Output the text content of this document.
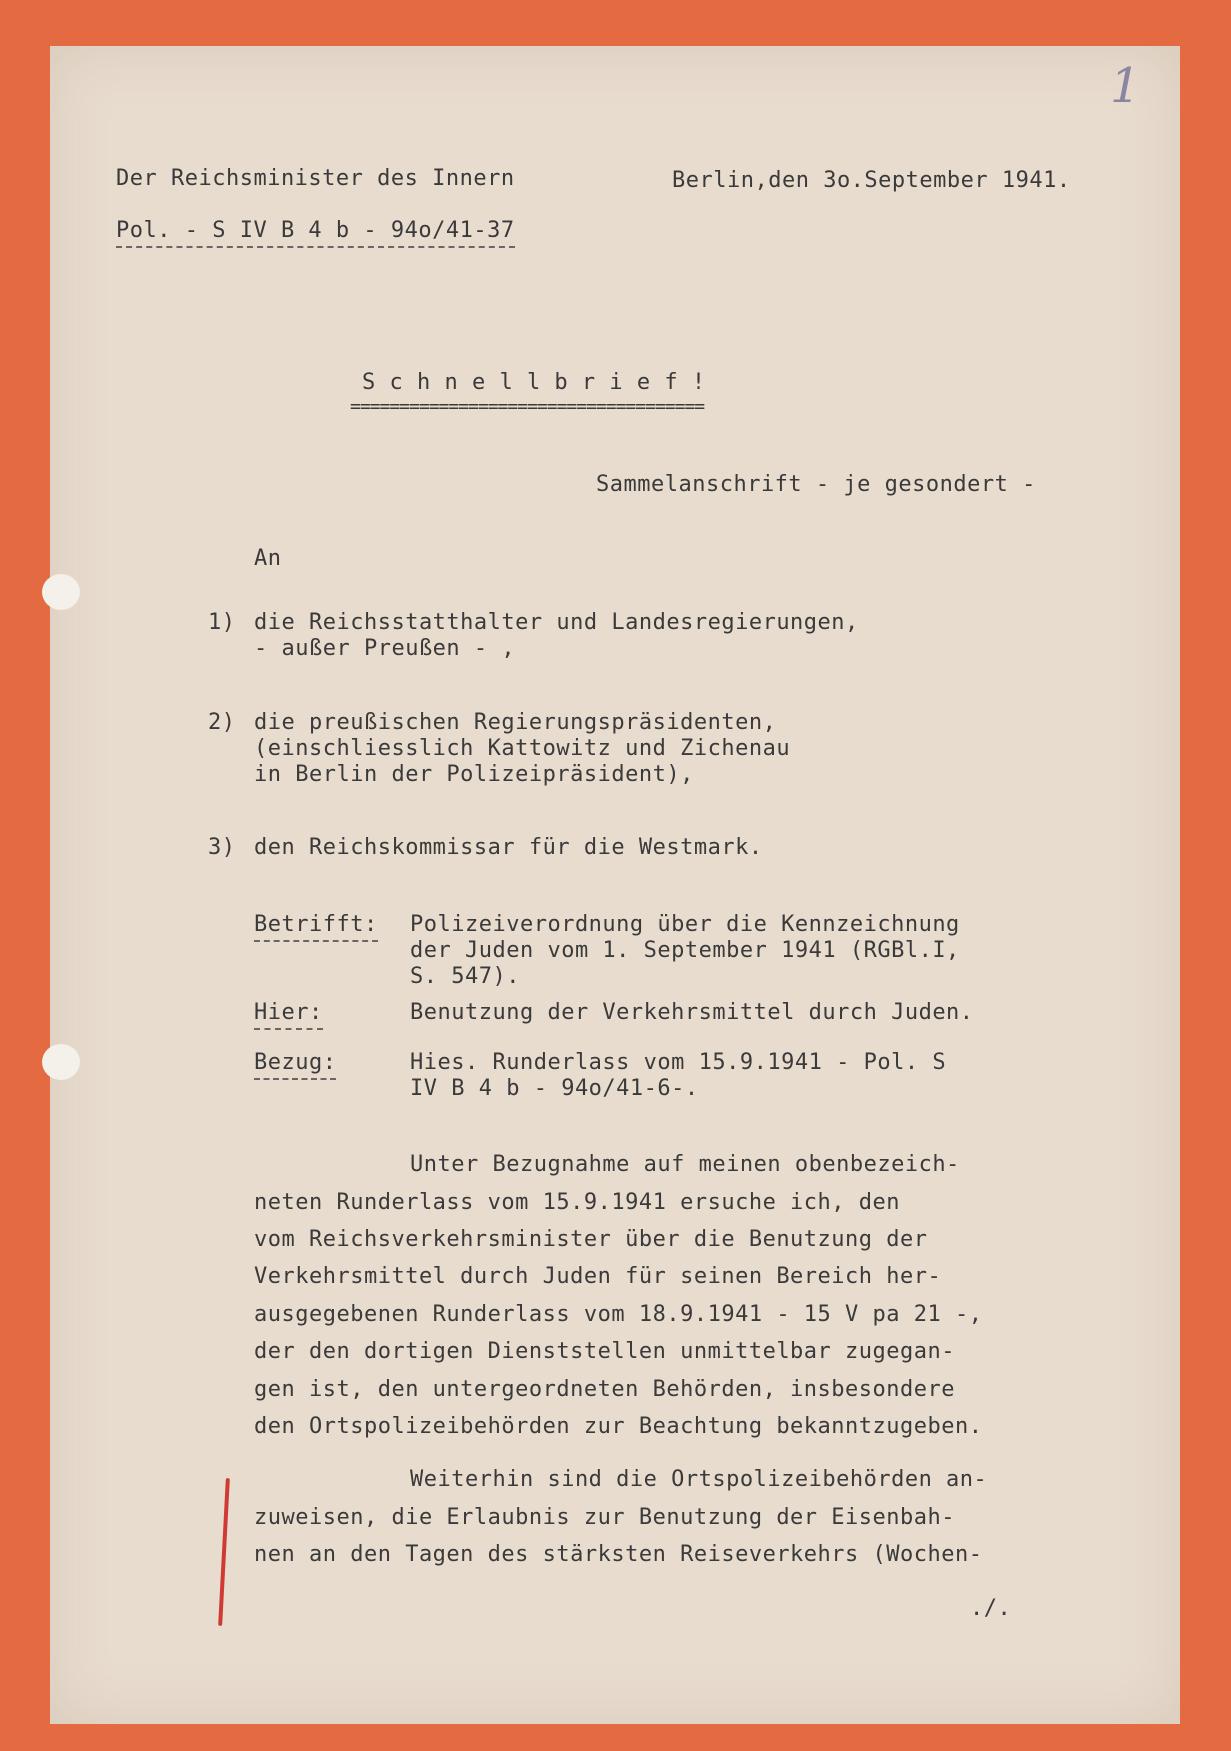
1
Der Reichsminister des Innern	Berlin,den 3o.September 1941.
Pol. - S IV B 4 b - 94o/41-37
S c h n e l l b r i e f !
====================================
Sammelanschrift - je gesondert -
An
1) die Reichsstatthalter und Landesregierungen,
- außer Preußen - ,
2) die preußischen Regierungspräsidenten,
(einschliesslich Kattowitz und Zichenau
in Berlin der Polizeipräsident),
3) den Reichskommissar für die Westmark.
Betrifft: Polizeiverordnung über die Kennzeichnung
der Juden vom 1. September 1941 (RGBl.I,
S. 547).
Hier:	Benutzung der Verkehrsmittel durch Juden.
Bezug:	Hies. Runderlass vom 15.9.1941 - Pol. S
IV B 4 b - 94o/41-6-.
Unter Bezugnahme auf meinen obenbezeich-
neten Runderlass vom 15.9.1941 ersuche ich, den
vom Reichsverkehrsminister über die Benutzung der
Verkehrsmittel durch Juden für seinen Bereich her-
ausgegebenen Runderlass vom 18.9.1941 - 15 V pa 21 -,
der den dortigen Dienststellen unmittelbar zugegan-
gen ist, den untergeordneten Behörden, insbesondere
den Ortspolizeibehörden zur Beachtung bekanntzugeben.
Weiterhin sind die Ortspolizeibehörden an-
zuweisen, die Erlaubnis zur Benutzung der Eisenbah-
nen an den Tagen des stärksten Reiseverkehrs (Wochen-
./.
